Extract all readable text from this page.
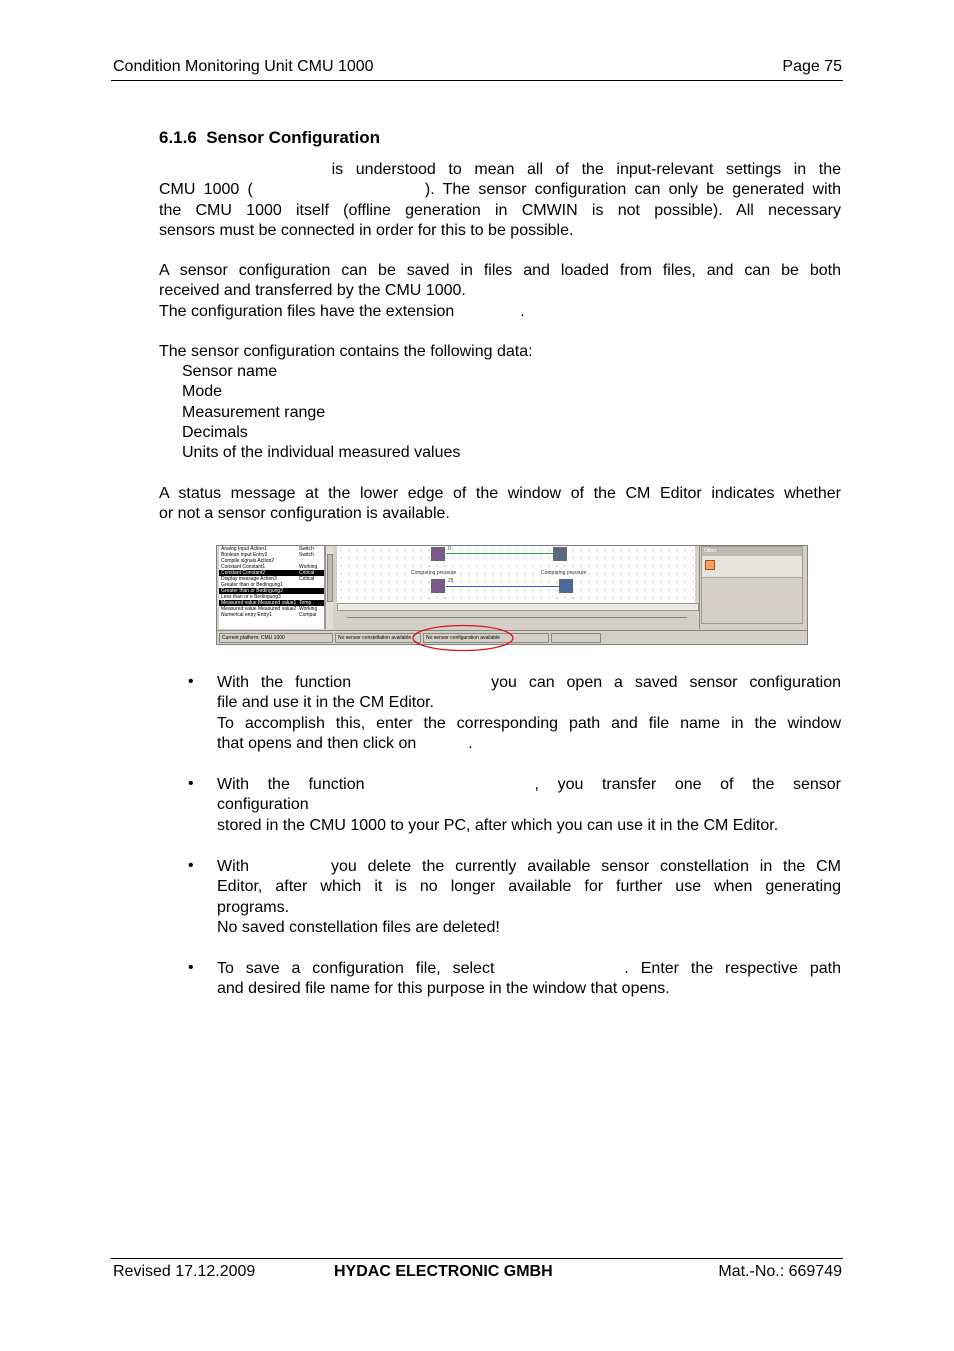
Condition Monitoring Unit CMU 1000	Page 75
6.1.6 Sensor Configuration
is understood to mean all of the input-relevant settings in the
CMU 1000 (	). The sensor configuration can only be generated with
the CMU 1000 itself (offline generation in CMWIN is not possible). All necessary
sensors must be connected in order for this to be possible.
A sensor configuration can be saved in files and loaded from files, and can be both
received and transferred by the CMU 1000.
The configuration files have the extension	.
The sensor configuration contains the following data:
Sensor name
Mode
Measurement range
Decimals
Units of the individual measured values
A status message at the lower edge of the window of the CM Editor indicates whether
or not a sensor configuration is available.
Analog Input Action1	Switch
Boolean input Entry2	Switch
Compile signals Action2
Constant Constant1	Working
Constant Constant2	Critical
Display message Action3	Critical
Greater than or Bedingung1
Greater than or Bedingung2
Less than or e Bedingung3
Measured value Measured value1 Temp
Measured value Measured value2 Working
Numerical entry Entry1	Compar
0
Comparing pressure	Comparing pressure
25
Other
Current platform: CMU 1000	No sensor constellation available	No sensor configuration available
• With the function	you can open a saved sensor configuration
file and use it in the CM Editor.
To accomplish this, enter the corresponding path and file name in the window
that opens and then click on	.
• With the function	, you transfer one of the sensor
configuration
stored in the CMU 1000 to your PC, after which you can use it in the CM Editor.
• With	you delete the currently available sensor constellation in the CM
Editor, after which it is no longer available for further use when generating
programs.
No saved constellation files are deleted!
• To save a configuration file, select	. Enter the respective path
and desired file name for this purpose in the window that opens.
Revised 17.12.2009	HYDAC ELECTRONIC GMBH	Mat.-No.: 669749
